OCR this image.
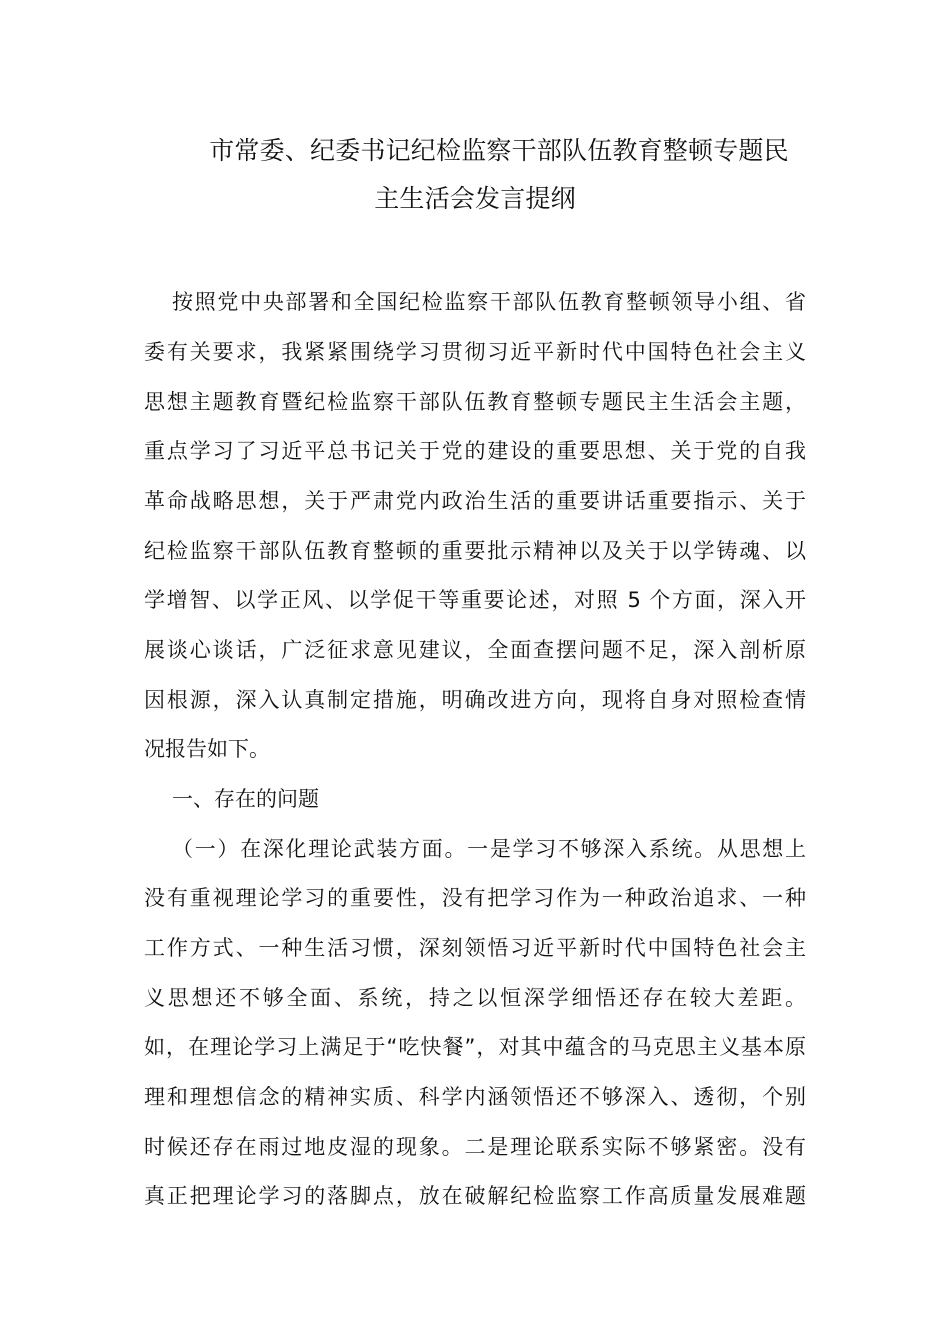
市常委、纪委书记纪检监察干部队伍教育整顿专题民
主生活会发言提纲
按照党中央部署和全国纪检监察干部队伍教育整顿领导小组、省
委有关要求，我紧紧围绕学习贯彻习近平新时代中国特色社会主义
思想主题教育暨纪检监察干部队伍教育整顿专题民主生活会主题，
重点学习了习近平总书记关于党的建设的重要思想、关于党的自我
革命战略思想，关于严肃党内政治生活的重要讲话重要指示、关于
纪检监察干部队伍教育整顿的重要批示精神以及关于以学铸魂、以
学增智、以学正风、以学促干等重要论述，对照 5 个方面，深入开
展谈心谈话，广泛征求意见建议，全面查摆问题不足，深入剖析原
因根源，深入认真制定措施，明确改进方向，现将自身对照检查情
况报告如下。
一、存在的问题
（一）在深化理论武装方面。一是学习不够深入系统。从思想上
没有重视理论学习的重要性，没有把学习作为一种政治追求、一种
工作方式、一种生活习惯，深刻领悟习近平新时代中国特色社会主
义思想还不够全面、系统，持之以恒深学细悟还存在较大差距。
如，在理论学习上满足于“吃快餐”，对其中蕴含的马克思主义基本原
理和理想信念的精神实质、科学内涵领悟还不够深入、透彻，个别
时候还存在雨过地皮湿的现象。二是理论联系实际不够紧密。没有
真正把理论学习的落脚点，放在破解纪检监察工作高质量发展难题
